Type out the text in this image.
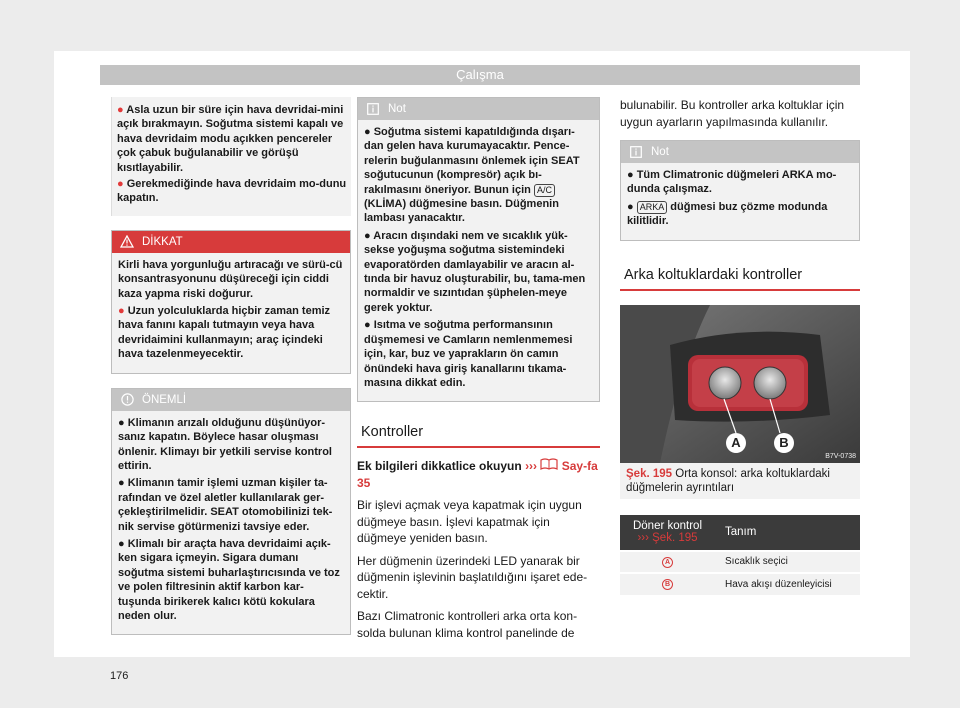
Çalışma

● Asla uzun bir süre için hava devridai-mini açık bırakmayın. Soğutma sistemi kapalı ve hava devridaim modu açıkken pencereler çok çabuk buğulanabilir ve görüşü kısıtlayabilir.

● Gerekmediğinde hava devridaim mo-dunu kapatın.

DİKKAT

Kirli hava yorgunluğu artıracağı ve sürü-cü konsantrasyonunu düşüreceği için ciddi kaza yapma riski doğurur.

● Uzun yolculuklarda hiçbir zaman temiz hava fanını kapalı tutmayın veya hava devridaimini kullanmayın; araç içindeki hava tazelenmeyecektir.

ÖNEMLİ

● Klimanın arızalı olduğunu düşünüyor-sanız kapatın. Böylece hasar oluşması önlenir. Klimayı bir yetkili servise kontrol ettirin.

● Klimanın tamir işlemi uzman kişiler ta-rafından ve özel aletler kullanılarak ger-çekleştirilmelidir. SEAT otomobilinizi tek-nik servise götürmenizi tavsiye eder.

● Klimalı bir araçta hava devridaimi açık-ken sigara içmeyin. Sigara dumanı soğutma sistemi buharlaştırıcısında ve toz ve polen filtresinin aktif karbon kar-tuşunda birikerek kalıcı kötü kokulara neden olur.

Not

● Soğutma sistemi kapatıldığında dışarı-dan gelen hava kurumayacaktır. Pence-relerin buğulanmasını önlemek için SEAT soğutucunun (kompresör) açık bı-rakılmasını öneriyor. Bunun için A/C (KLİMA) düğmesine basın. Düğmenin lambası yanacaktır.

● Aracın dışındaki nem ve sıcaklık yük-sekse yoğuşma soğutma sistemindeki evaporatörden damlayabilir ve aracın al-tında bir havuz oluşturabilir, bu, tama-men normaldir ve sızıntıdan şüphelen-meye gerek yoktur.

● Isıtma ve soğutma performansının düşmemesi ve Camların nemlenmemesi için, kar, buz ve yaprakların ön camın önündeki hava giriş kanallarını tıkama-masına dikkat edin.

Kontroller

Ek bilgileri dikkatlice okuyun ››› Say-fa 35

Bir işlevi açmak veya kapatmak için uygun düğmeye basın. İşlevi kapatmak için düğmeye yeniden basın.

Her düğmenin üzerindeki LED yanarak bir düğmenin işlevinin başlatıldığını işaret ede-cektir.

Bazı Climatronic kontrolleri arka orta kon-solda bulunan klima kontrol panelinde de

bulunabilir. Bu kontroller arka koltuklar için uygun ayarların yapılmasında kullanılır.

Not

● Tüm Climatronic düğmeleri ARKA mo-dunda çalışmaz.

● ARKA düğmesi buz çözme modunda kilitlidir.

Arka koltuklardaki kontroller
A	B
B7V-0738
Şek. 195 Orta konsol: arka koltuklardaki düğmelerin ayrıntıları
Döner kontrol
››› Şek. 195	Tanım
A	Sıcaklık seçici
B	Hava akışı düzenleyicisi
176
